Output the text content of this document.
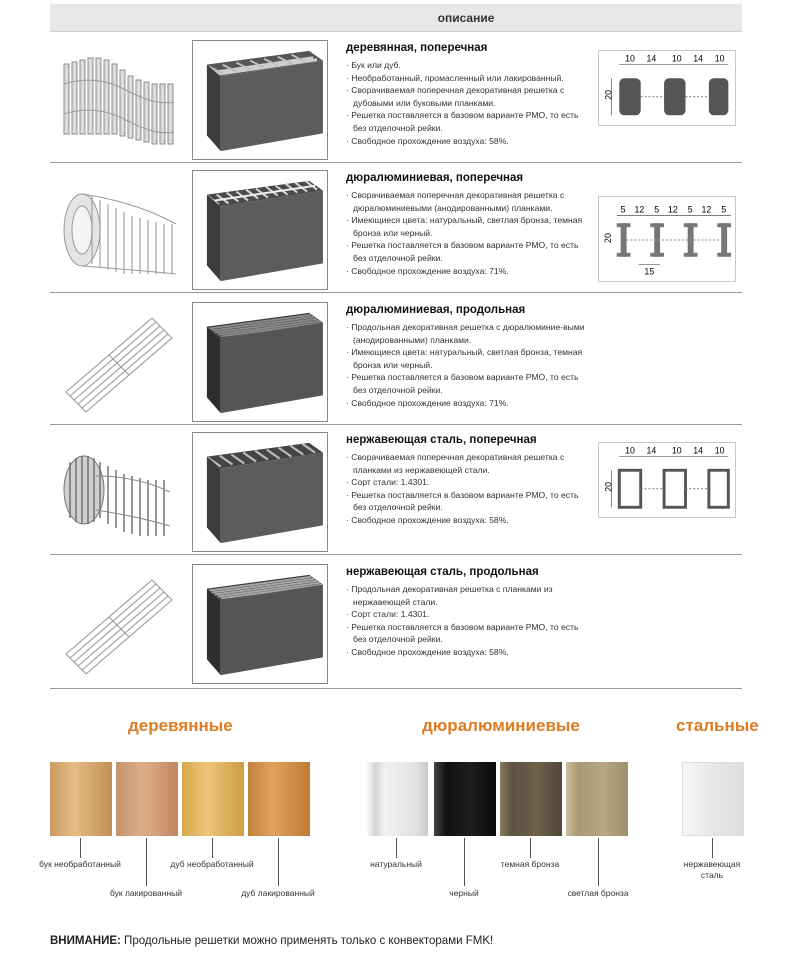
описание
деревянная, поперечная
· Бук или дуб.
· Необработанный, промасленный или лакированный.
· Сворачиваемая поперечная декоративная решетка с дубовыми или буковыми планками.
· Решетка поставляется в базовом варианте РМО, то есть без отделочной рейки.
· Свободное прохождение воздуха: 58%.
10 14 10 14 10
20
дюралюминиевая, поперечная
· Сворачиваемая поперечная декоративная решетка с дюралюминиевыми (анодированными) планками.
· Имеющиеся цвета: натуральный, светлая бронза, темная бронза или черный.
· Решетка поставляется в базовом варианте РМО, то есть без отделочной рейки.
· Свободное прохождение воздуха: 71%.
5 12 5 12 5 12 5
20
15
дюралюминиевая, продольная
· Продольная декоративная решетка с дюралюминие-выми (анодированными) планками.
· Имеющиеся цвета: натуральный, светлая бронза, темная бронза или черный.
· Решетка поставляется в базовом варианте РМО, то есть без отделочной рейки.
· Свободное прохождение воздуха: 71%.
нержавеющая сталь, поперечная
· Сворачиваемая поперечная декоративная решетка с планками из нержавеющей стали.
· Сорт стали: 1.4301.
· Решетка поставляется в базовом варианте РМО, то есть без отделочной рейки.
· Свободное прохождение воздуха: 58%.
10 14 10 14 10
20
нержавеющая сталь, продольная
· Продольная декоративная решетка с планками из нержавеющей стали.
· Сорт стали: 1.4301.
· Решетка поставляется в базовом варианте РМО, то есть без отделочной рейки.
· Свободное прохождение воздуха: 58%.
деревянные	дюралюминиевые	стальные
бук необработанный
бук лакированный
дуб необработанный
дуб лакированный
натуральный
черный
темная бронза
светлая бронза
нержавеющая сталь
ВНИМАНИЕ: Продольные решетки можно применять только с конвекторами FMK!
